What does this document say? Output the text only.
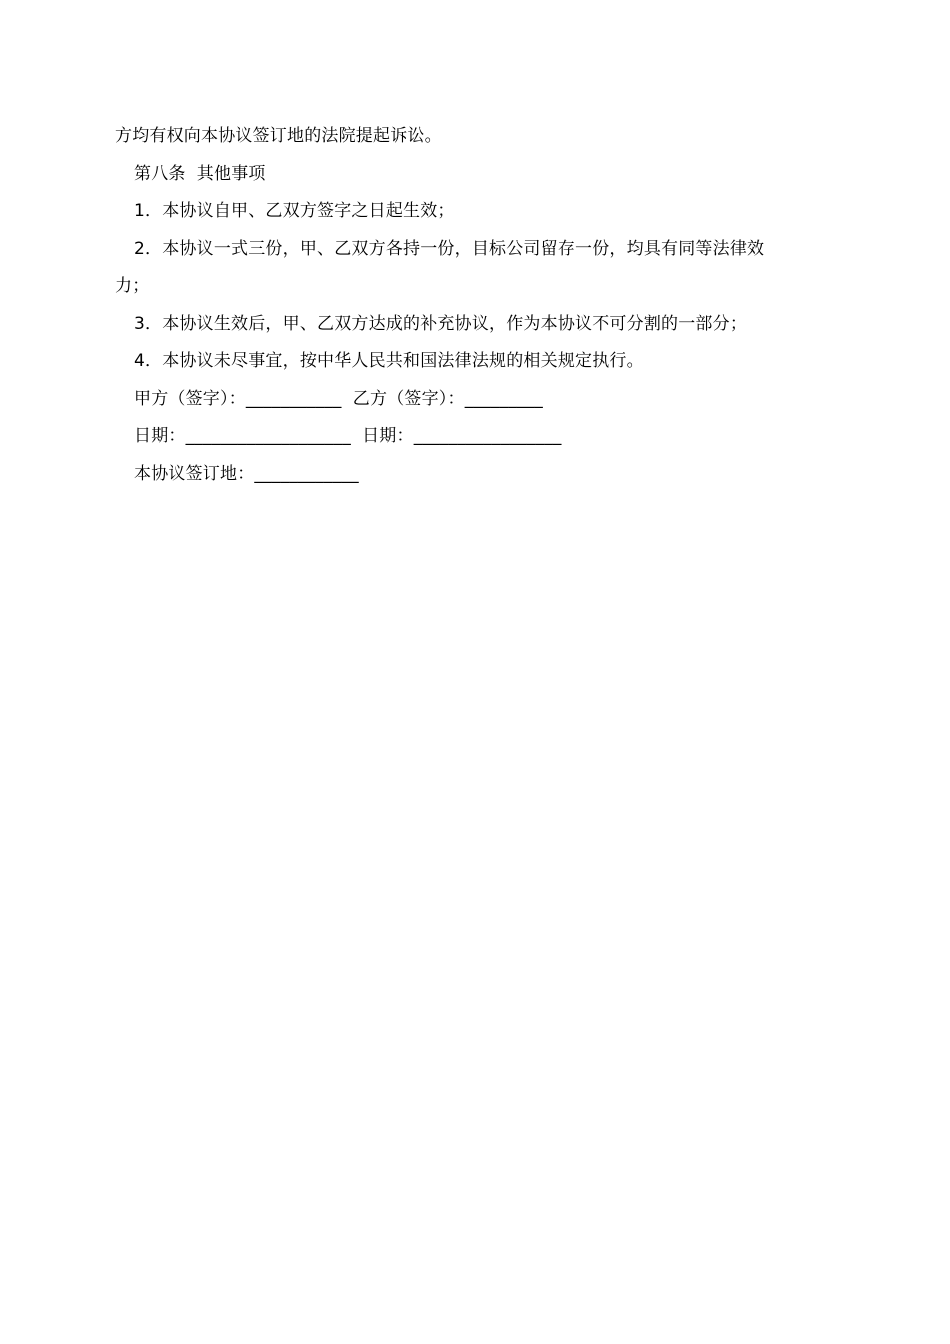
方均有权向本协议签订地的法院提起诉讼。

第八条  其他事项

1．本协议自甲、乙双方签字之日起生效；

2．本协议一式三份，甲、乙双方各持一份，目标公司留存一份，均具有同等法律效

力；

3．本协议生效后，甲、乙双方达成的补充协议，作为本协议不可分割的一部分；

4．本协议未尽事宜，按中华人民共和国法律法规的相关规定执行。

甲方（签字）：___________  乙方（签字）：_________

日期：___________________  日期：_________________

本协议签订地：____________
